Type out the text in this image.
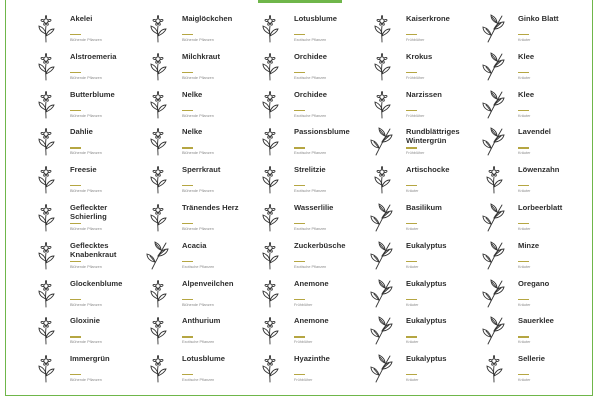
Akelei
Blühende Pflanzen
Maiglöckchen
Blühende Pflanzen
Lotusblume
Exotische Pflanzen
Kaiserkrone
Frühblüher
Ginko Blatt
Kräuter
Alstroemeria
Blühende Pflanzen
Milchkraut
Blühende Pflanzen
Orchidee
Exotische Pflanzen
Krokus
Frühblüher
Klee
Kräuter
Butterblume
Blühende Pflanzen
Nelke
Blühende Pflanzen
Orchidee
Exotische Pflanzen
Narzissen
Frühblüher
Klee
Kräuter
Dahlie
Blühende Pflanzen
Nelke
Blühende Pflanzen
Passionsblume
Exotische Pflanzen
Rundblättriges Wintergrün
Frühblüher
Lavendel
Kräuter
Freesie
Blühende Pflanzen
Sperrkraut
Blühende Pflanzen
Strelitzie
Exotische Pflanzen
Artischocke
Kräuter
Löwenzahn
Kräuter
Gefleckter Schierling
Blühende Pflanzen
Tränendes Herz
Blühende Pflanzen
Wasserlilie
Exotische Pflanzen
Basilikum
Kräuter
Lorbeerblatt
Kräuter
Geflecktes Knabenkraut
Blühende Pflanzen
Acacia
Exotische Pflanzen
Zuckerbüsche
Exotische Pflanzen
Eukalyptus
Kräuter
Minze
Kräuter
Glockenblume
Blühende Pflanzen
Alpenveilchen
Blühende Pflanzen
Anemone
Frühblüher
Eukalyptus
Kräuter
Oregano
Kräuter
Gloxinie
Blühende Pflanzen
Anthurium
Exotische Pflanzen
Anemone
Frühblüher
Eukalyptus
Kräuter
Sauerklee
Kräuter
Immergrün
Blühende Pflanzen
Lotusblume
Exotische Pflanzen
Hyazinthe
Frühblüher
Eukalyptus
Kräuter
Sellerie
Kräuter
